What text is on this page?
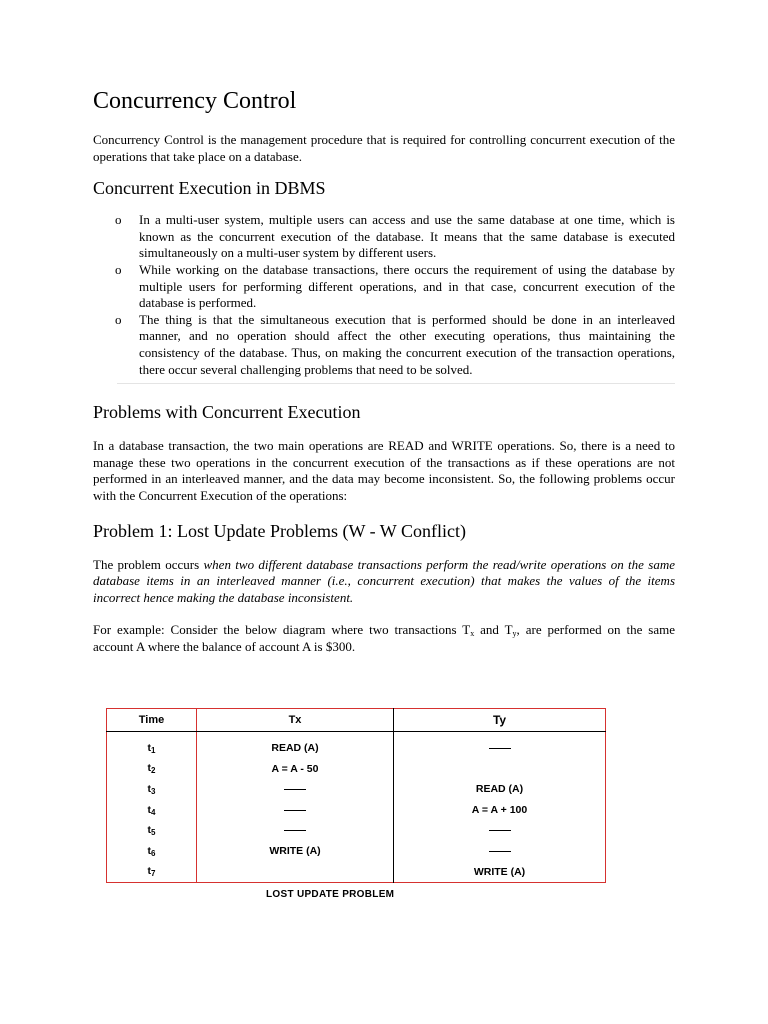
Concurrency Control

Concurrency Control is the management procedure that is required for controlling concurrent execution of the operations that take place on a database.

Concurrent Execution in DBMS
o In a multi-user system, multiple users can access and use the same database at one time, which is known as the concurrent execution of the database. It means that the same database is executed simultaneously on a multi-user system by different users.
o While working on the database transactions, there occurs the requirement of using the database by multiple users for performing different operations, and in that case, concurrent execution of the database is performed.
o The thing is that the simultaneous execution that is performed should be done in an interleaved manner, and no operation should affect the other executing operations, thus maintaining the consistency of the database. Thus, on making the concurrent execution of the transaction operations, there occur several challenging problems that need to be solved.
Problems with Concurrent Execution

In a database transaction, the two main operations are READ and WRITE operations. So, there is a need to manage these two operations in the concurrent execution of the transactions as if these operations are not performed in an interleaved manner, and the data may become inconsistent. So, the following problems occur with the Concurrent Execution of the operations:

Problem 1: Lost Update Problems (W - W Conflict)

The problem occurs when two different database transactions perform the read/write operations on the same database items in an interleaved manner (i.e., concurrent execution) that makes the values of the items incorrect hence making the database inconsistent.

For example: Consider the below diagram where two transactions Tx and Ty, are performed on the same account A where the balance of account A is $300.

Time	Tx	Ty
t1	READ (A)	
t2	A = A - 50	
t3		READ (A)
t4		A = A + 100
t5		
t6	WRITE (A)	
t7		WRITE (A)
LOST UPDATE PROBLEM
